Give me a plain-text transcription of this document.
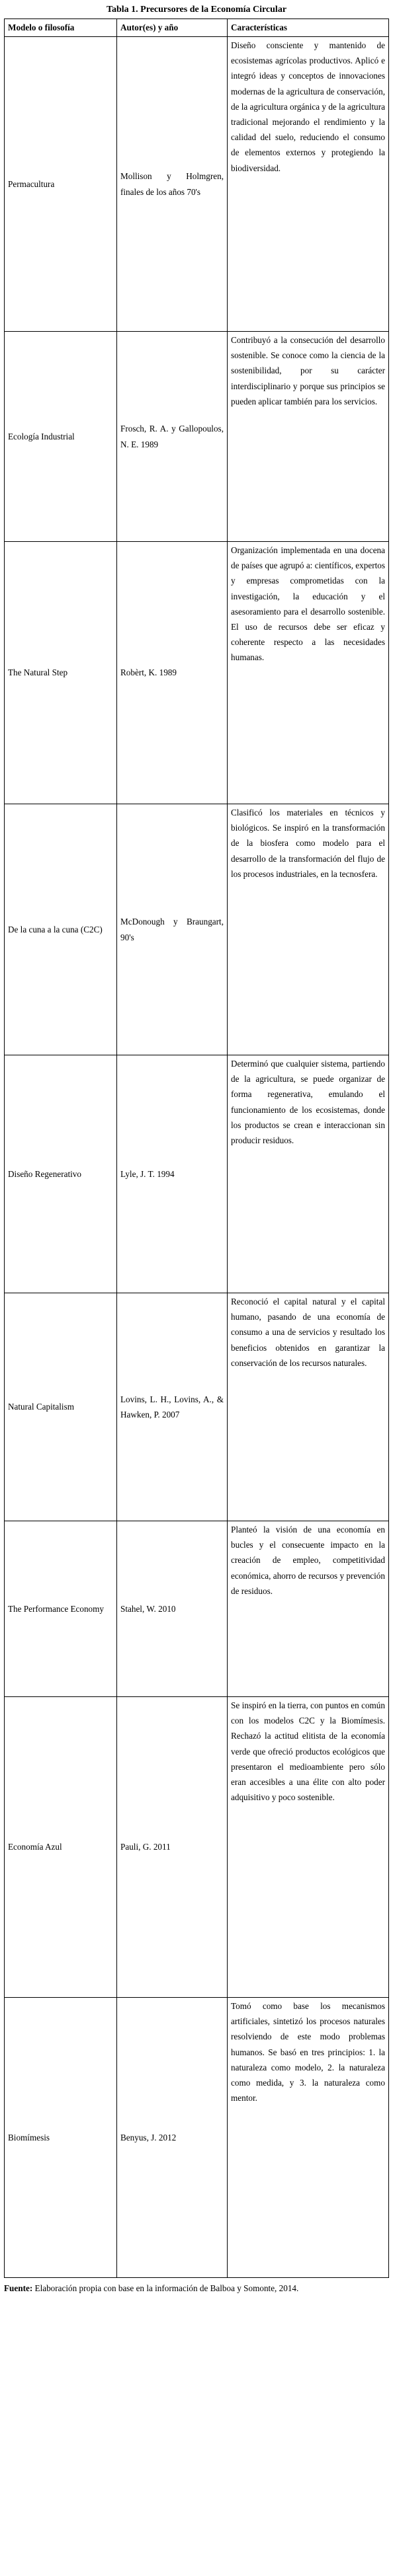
Tabla 1. Precursores de la Economía Circular

Modelo o filosofía	Autor(es) y año	Características
Permacultura	Mollison y Holmgren, finales de los años 70's	Diseño consciente y mantenido de ecosistemas agrícolas productivos. Aplicó e integró ideas y conceptos de innovaciones modernas de la agricultura de conservación, de la agricultura orgánica y de la agricultura tradicional mejorando el rendimiento y la calidad del suelo, reduciendo el consumo de elementos externos y protegiendo la biodiversidad.
Ecología Industrial	Frosch, R. A. y Gallopoulos, N. E. 1989	Contribuyó a la consecución del desarrollo sostenible. Se conoce como la ciencia de la sostenibilidad, por su carácter interdisciplinario y porque sus principios se pueden aplicar también para los servicios.
The Natural Step	Robèrt, K. 1989	Organización implementada en una docena de países que agrupó a: científicos, expertos y empresas comprometidas con la investigación, la educación y el asesoramiento para el desarrollo sostenible. El uso de recursos debe ser eficaz y coherente respecto a las necesidades humanas.
De la cuna a la cuna (C2C)	McDonough y Braungart, 90's	Clasificó los materiales en técnicos y biológicos. Se inspiró en la transformación de la biosfera como modelo para el desarrollo de la transformación del flujo de los procesos industriales, en la tecnosfera.
Diseño Regenerativo	Lyle, J. T. 1994	Determinó que cualquier sistema, partiendo de la agricultura, se puede organizar de forma regenerativa, emulando el funcionamiento de los ecosistemas, donde los productos se crean e interaccionan sin producir residuos.
Natural Capitalism	Lovins, L. H., Lovins, A., & Hawken, P. 2007	Reconoció el capital natural y el capital humano, pasando de una economía de consumo a una de servicios y resultado los beneficios obtenidos en garantizar la conservación de los recursos naturales.
The Performance Economy	Stahel, W. 2010	Planteó la visión de una economía en bucles y el consecuente impacto en la creación de empleo, competitividad económica, ahorro de recursos y prevención de residuos.
Economía Azul	Pauli, G. 2011	Se inspiró en la tierra, con puntos en común con los modelos C2C y la Biomímesis. Rechazó la actitud elitista de la economía verde que ofreció productos ecológicos que presentaron el medioambiente pero sólo eran accesibles a una élite con alto poder adquisitivo y poco sostenible.
Biomímesis	Benyus, J. 2012	Tomó como base los mecanismos artificiales, sintetizó los procesos naturales resolviendo de este modo problemas humanos. Se basó en tres principios: 1. la naturaleza como modelo, 2. la naturaleza como medida, y 3. la naturaleza como mentor.

Fuente: Elaboración propia con base en la información de Balboa y Somonte, 2014.
